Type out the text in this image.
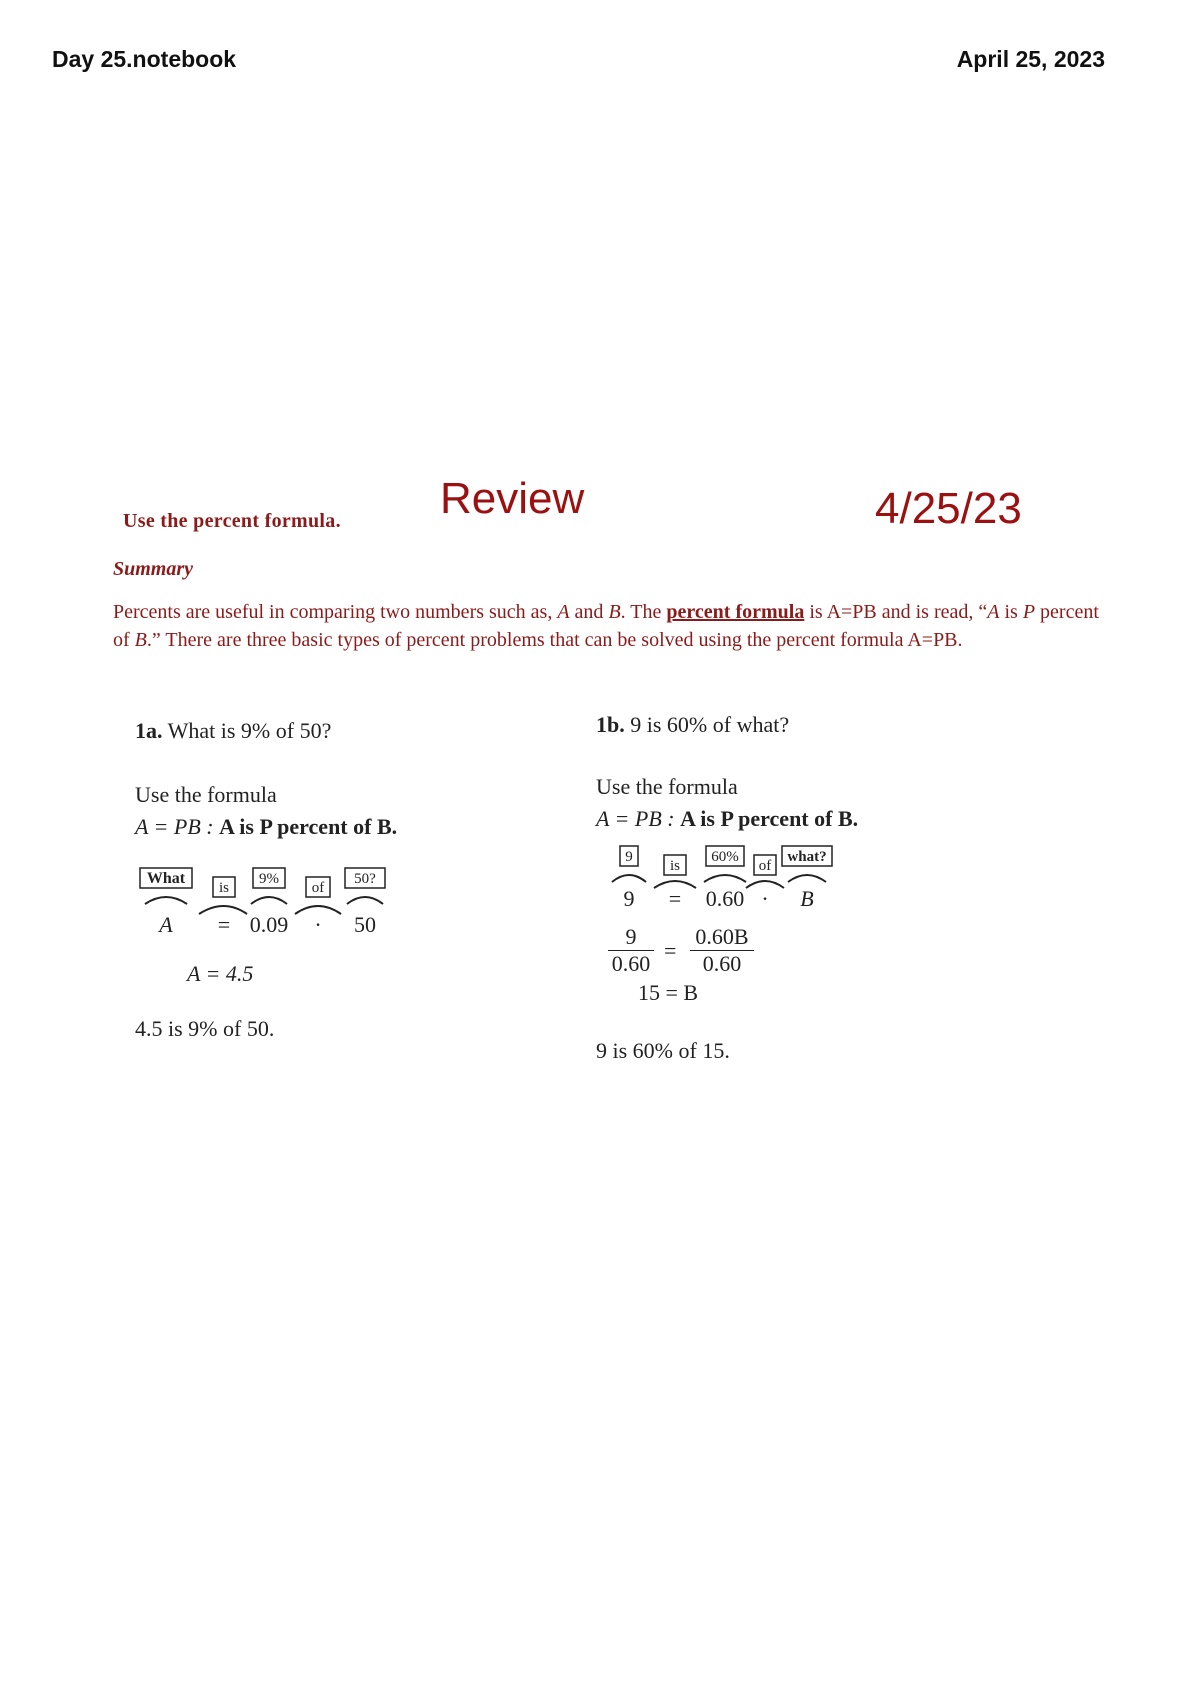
Day 25.notebook	April 25, 2023
Review	4/25/23
Use the percent formula.
Summary
Percents are useful in comparing two numbers such as, A and B. The percent formula is A=PB and is read, “A is P percent of B.” There are three basic types of percent problems that can be solved using the percent formula A=PB.
1a. What is 9% of 50?
Use the formula
A = PB : A is P percent of B.
What
is
9%
of
50?
A = 0.09 · 50
A = 4.5
4.5 is 9% of 50.
1b. 9 is 60% of what?
Use the formula
A = PB : A is P percent of B.
9
is
60%
of
what?
9 = 0.60 · B
$\frac{9}{0.60} = \frac{0.60B}{0.60}$
15 = B
9 is 60% of 15.
